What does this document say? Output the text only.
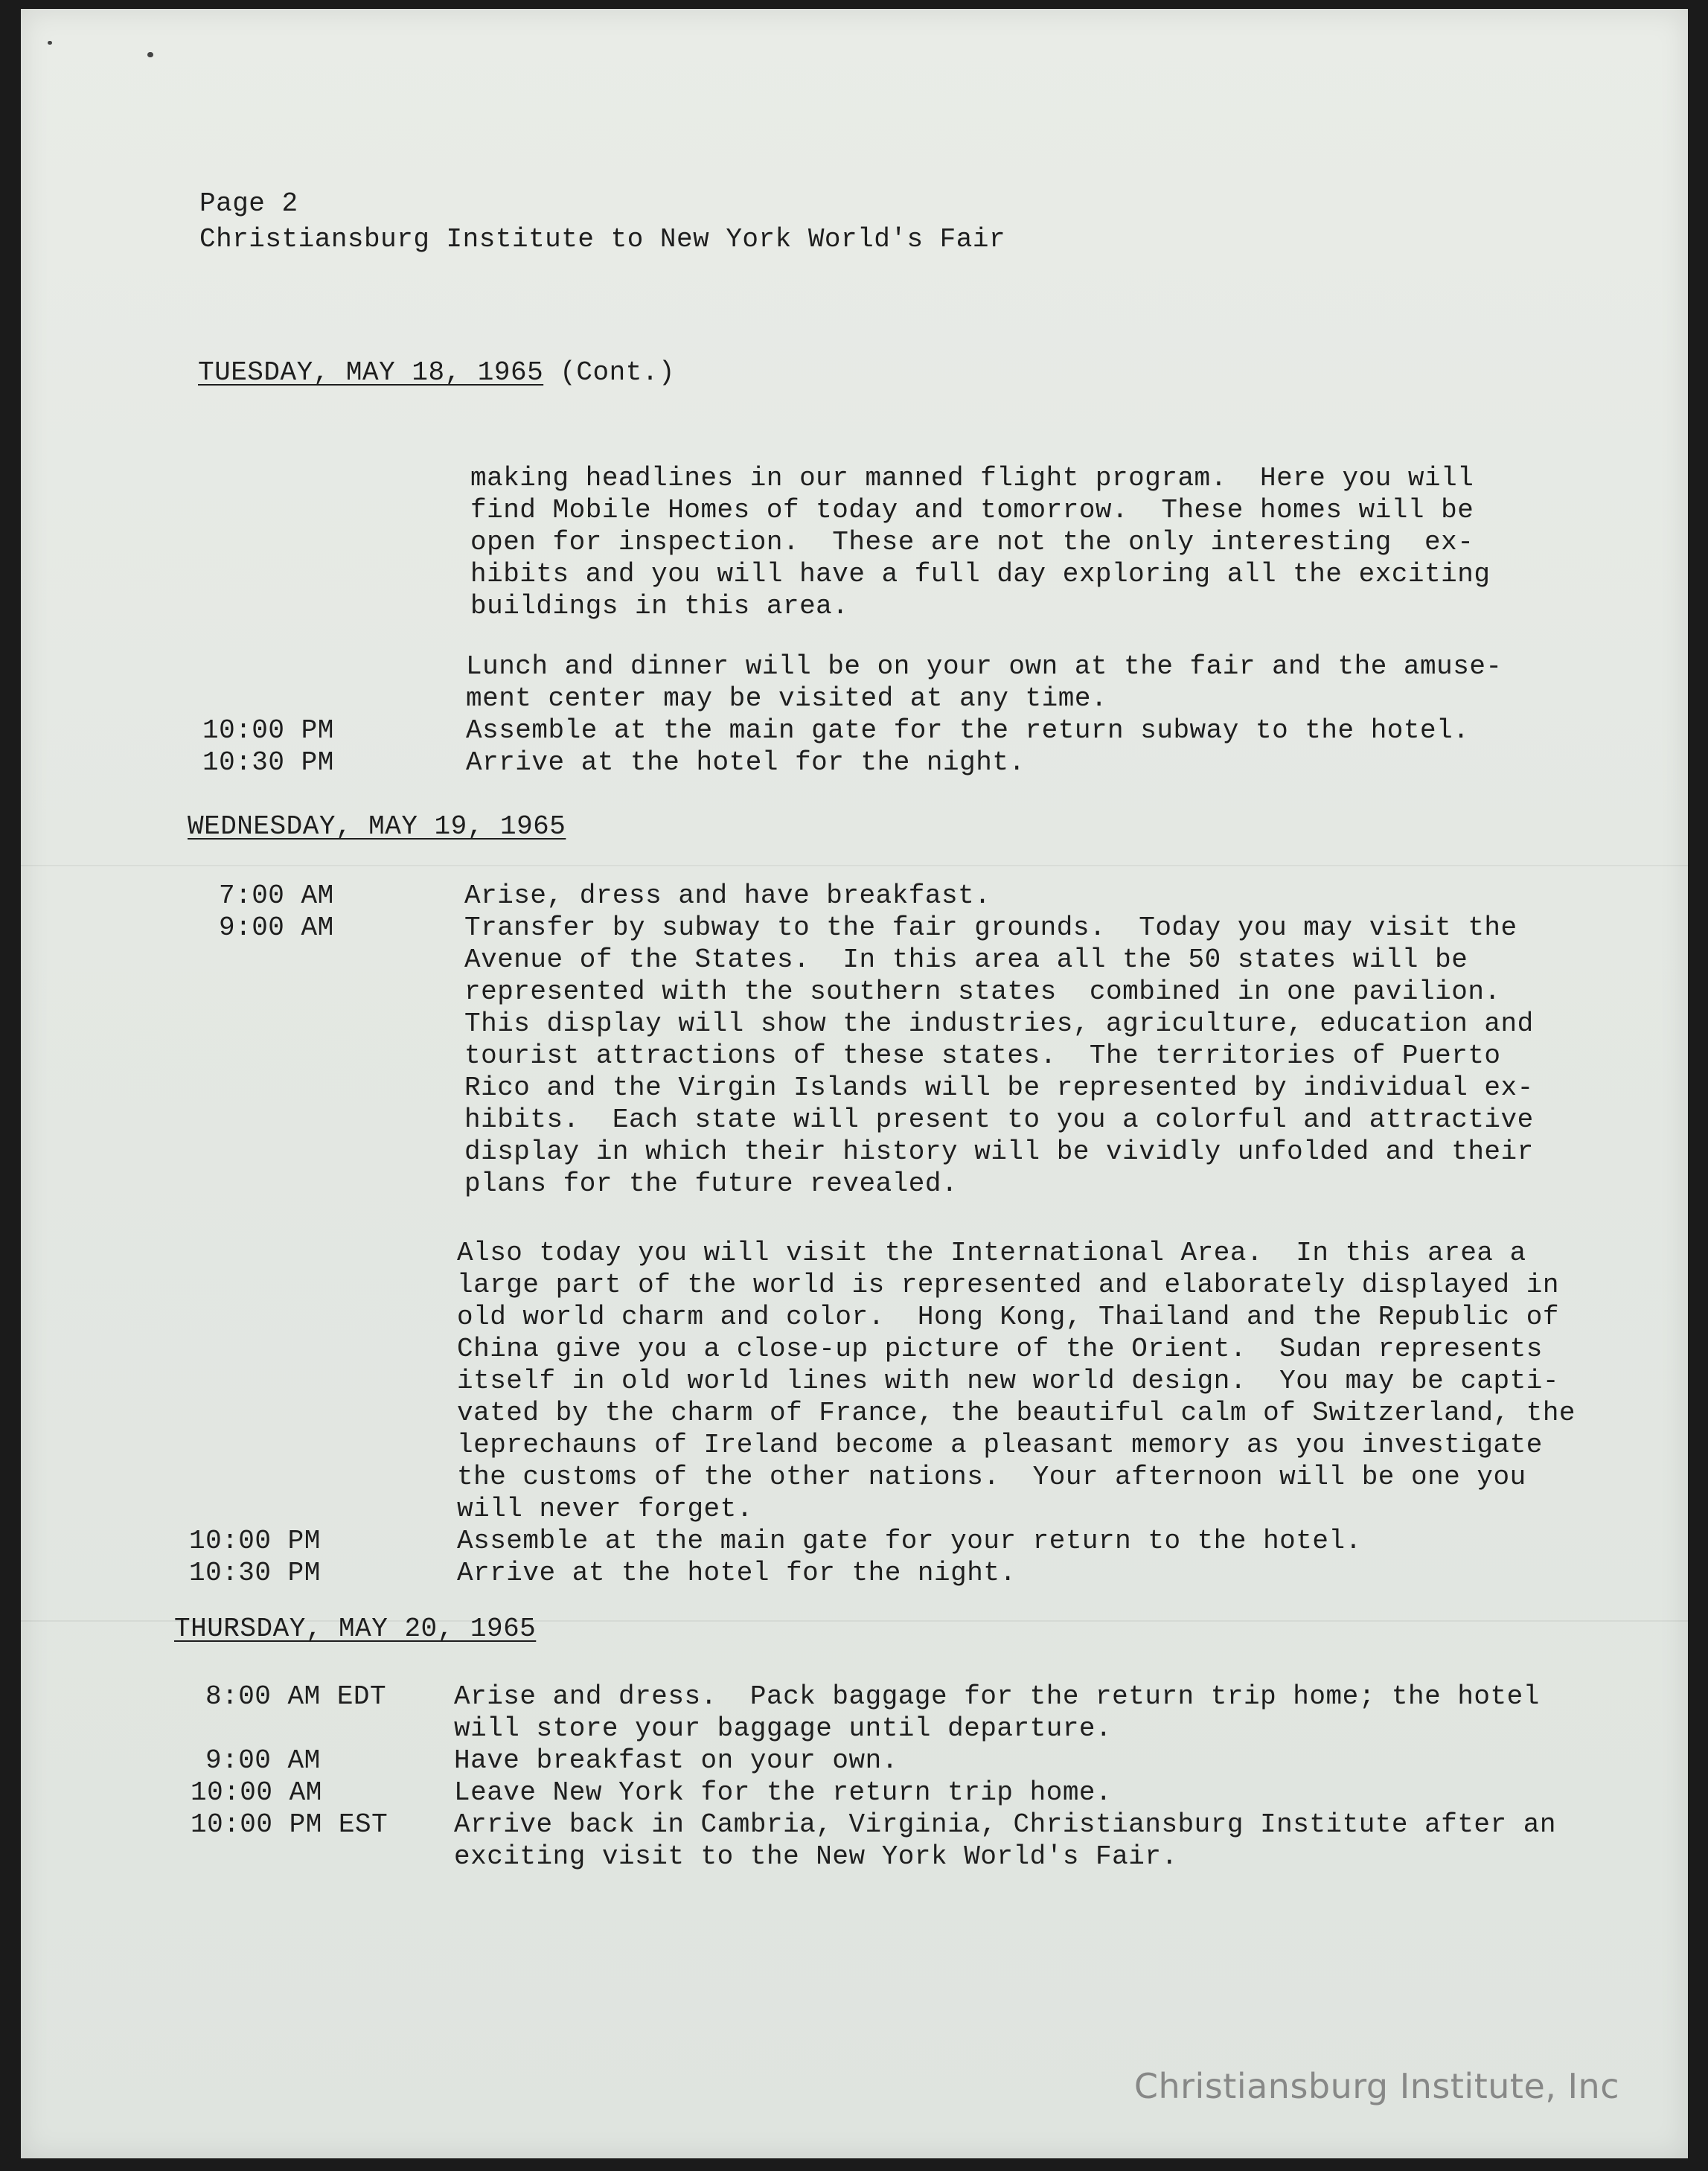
Page 2
Christiansburg Institute to New York World's Fair
TUESDAY, MAY 18, 1965 (Cont.)
making headlines in our manned flight program.  Here you will
find Mobile Homes of today and tomorrow.  These homes will be
open for inspection.  These are not the only interesting  ex-
hibits and you will have a full day exploring all the exciting
buildings in this area.
Lunch and dinner will be on your own at the fair and the amuse-
ment center may be visited at any time.
10:00 PM	Assemble at the main gate for the return subway to the hotel.
10:30 PM	Arrive at the hotel for the night.
WEDNESDAY, MAY 19, 1965
7:00 AM	Arise, dress and have breakfast.
9:00 AM	Transfer by subway to the fair grounds.  Today you may visit the
Avenue of the States.  In this area all the 50 states will be
represented with the southern states  combined in one pavilion.
This display will show the industries, agriculture, education and
tourist attractions of these states.  The territories of Puerto
Rico and the Virgin Islands will be represented by individual ex-
hibits.  Each state will present to you a colorful and attractive
display in which their history will be vividly unfolded and their
plans for the future revealed.
Also today you will visit the International Area.  In this area a
large part of the world is represented and elaborately displayed in
old world charm and color.  Hong Kong, Thailand and the Republic of
China give you a close-up picture of the Orient.  Sudan represents
itself in old world lines with new world design.  You may be capti-
vated by the charm of France, the beautiful calm of Switzerland, the
leprechauns of Ireland become a pleasant memory as you investigate
the customs of the other nations.  Your afternoon will be one you
will never forget.
10:00 PM	Assemble at the main gate for your return to the hotel.
10:30 PM	Arrive at the hotel for the night.
THURSDAY, MAY 20, 1965
8:00 AM EDT	Arise and dress.  Pack baggage for the return trip home; the hotel
will store your baggage until departure.
9:00 AM	Have breakfast on your own.
10:00 AM	Leave New York for the return trip home.
10:00 PM EST Arrive back in Cambria, Virginia, Christiansburg Institute after an
exciting visit to the New York World's Fair.
Christiansburg Institute, Inc
